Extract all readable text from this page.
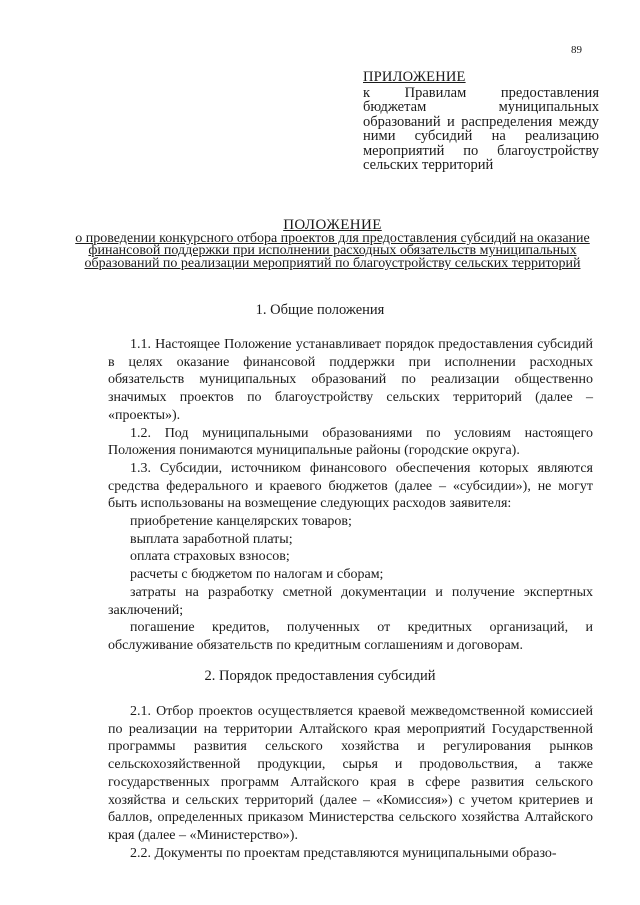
89
ПРИЛОЖЕНИЕ
к Правилам предоставления бюджетам муниципальных образований и распределения между ними субсидий на реализацию мероприятий по благоустройству сельских территорий
ПОЛОЖЕНИЕ
о проведении конкурсного отбора проектов для предоставления субсидий на оказание финансовой поддержки при исполнении расходных обязательств муниципальных образований по реализации мероприятий по благоустройству сельских территорий
1. Общие положения

1.1. Настоящее Положение устанавливает порядок предоставления субсидий в целях оказание финансовой поддержки при исполнении расходных обязательств муниципальных образований по реализации общественно значимых проектов по благоустройству сельских территорий (далее – «проекты»).

1.2. Под муниципальными образованиями по условиям настоящего Положения понимаются муниципальные районы (городские округа).

1.3. Субсидии, источником финансового обеспечения которых являются средства федерального и краевого бюджетов (далее – «субсидии»), не могут быть использованы на возмещение следующих расходов заявителя:

приобретение канцелярских товаров;

выплата заработной платы;

оплата страховых взносов;

расчеты с бюджетом по налогам и сборам;

затраты на разработку сметной документации и получение экспертных заключений;

погашение кредитов, полученных от кредитных организаций, и обслуживание обязательств по кредитным соглашениям и договорам.

2. Порядок предоставления субсидий

2.1. Отбор проектов осуществляется краевой межведомственной комиссией по реализации на территории Алтайского края мероприятий Государственной программы развития сельского хозяйства и регулирования рынков сельскохозяйственной продукции, сырья и продовольствия, а также государственных программ Алтайского края в сфере развития сельского хозяйства и сельских территорий (далее – «Комиссия») с учетом критериев и баллов, определенных приказом Министерства сельского хозяйства Алтайского края (далее – «Министерство»).

2.2. Документы по проектам представляются муниципальными образо-
